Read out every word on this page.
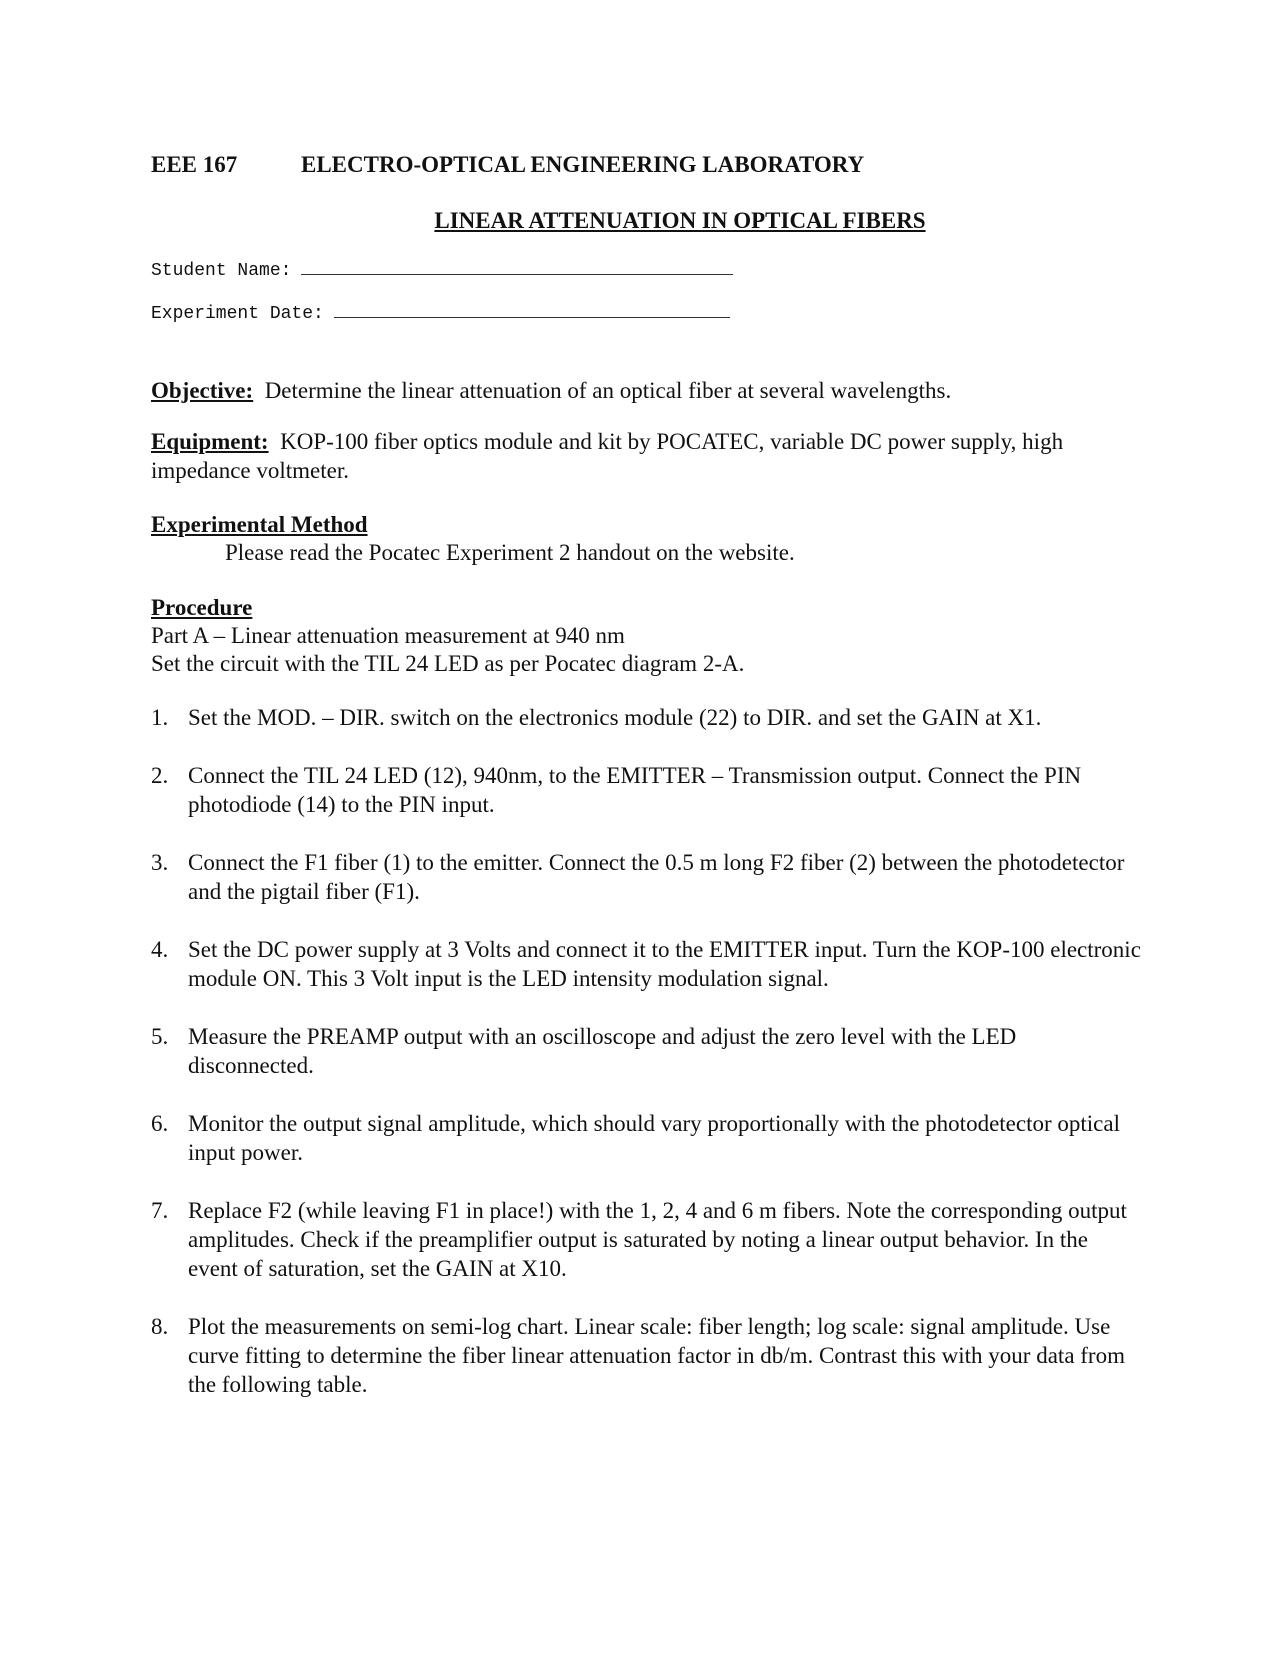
EEE 167	ELECTRO-OPTICAL ENGINEERING LABORATORY
LINEAR ATTENUATION IN OPTICAL FIBERS
Student Name:
Experiment Date:
Objective: Determine the linear attenuation of an optical fiber at several wavelengths.
Equipment: KOP-100 fiber optics module and kit by POCATEC, variable DC power supply, high impedance voltmeter.
Experimental Method
Please read the Pocatec Experiment 2 handout on the website.
Procedure
Part A – Linear attenuation measurement at 940 nm
Set the circuit with the TIL 24 LED as per Pocatec diagram 2-A.
1. Set the MOD. – DIR. switch on the electronics module (22) to DIR. and set the GAIN at X1.
2. Connect the TIL 24 LED (12), 940nm, to the EMITTER – Transmission output. Connect the PIN photodiode (14) to the PIN input.
3. Connect the F1 fiber (1) to the emitter. Connect the 0.5 m long F2 fiber (2) between the photodetector and the pigtail fiber (F1).
4. Set the DC power supply at 3 Volts and connect it to the EMITTER input. Turn the KOP-100 electronic module ON. This 3 Volt input is the LED intensity modulation signal.
5. Measure the PREAMP output with an oscilloscope and adjust the zero level with the LED disconnected.
6. Monitor the output signal amplitude, which should vary proportionally with the photodetector optical input power.
7. Replace F2 (while leaving F1 in place!) with the 1, 2, 4 and 6 m fibers. Note the corresponding output amplitudes. Check if the preamplifier output is saturated by noting a linear output behavior. In the event of saturation, set the GAIN at X10.
8. Plot the measurements on semi-log chart. Linear scale: fiber length; log scale: signal amplitude. Use curve fitting to determine the fiber linear attenuation factor in db/m. Contrast this with your data from the following table.
